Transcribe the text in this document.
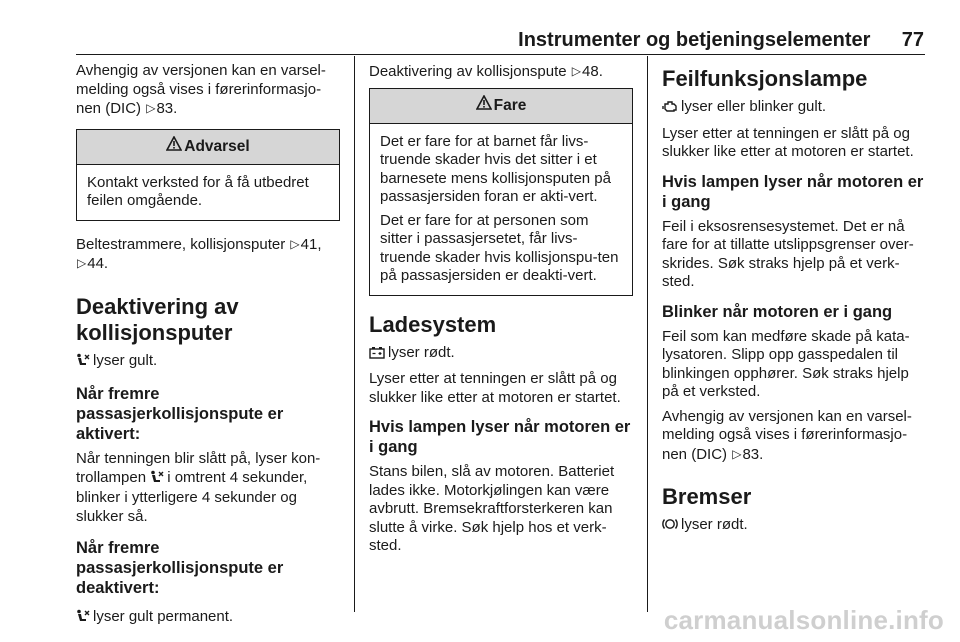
Instrumenter og betjeningselementer 77

Avhengig av versjonen kan en varsel-melding også vises i førerinformasjo-nen (DIC) ▷83.

Advarsel

Kontakt verksted for å få utbedret feilen omgående.

Beltestrammere, kollisjonsputer ▷41,
▷44.

Deaktivering av kollisjonsputer

lyser gult.

Når fremre passasjerkollisjonspute er aktivert:

Når tenningen blir slått på, lyser kon-trollampen i omtrent 4 sekunder, blinker i ytterligere 4 sekunder og slukker så.

Når fremre passasjerkollisjonspute er deaktivert:

lyser gult permanent.

Deaktivering av kollisjonspute ▷48.

Fare

Det er fare for at barnet får livs-truende skader hvis det sitter i et barnesete mens kollisjonsputen på passasjersiden foran er akti-vert.

Det er fare for at personen som sitter i passasjersetet, får livs-truende skader hvis kollisjonspu-ten på passasjersiden er deakti-vert.

Ladesystem

lyser rødt.

Lyser etter at tenningen er slått på og slukker like etter at motoren er startet.

Hvis lampen lyser når motoren er i gang

Stans bilen, slå av motoren. Batteriet lades ikke. Motorkjølingen kan være avbrutt. Bremsekraftforsterkeren kan slutte å virke. Søk hjelp hos et verk-sted.

Feilfunksjonslampe

lyser eller blinker gult.

Lyser etter at tenningen er slått på og slukker like etter at motoren er startet.

Hvis lampen lyser når motoren er i gang

Feil i eksosrensesystemet. Det er nå fare for at tillatte utslippsgrenser over-skrides. Søk straks hjelp på et verk-sted.

Blinker når motoren er i gang

Feil som kan medføre skade på kata-lysatoren. Slipp opp gasspedalen til blinkingen opphører. Søk straks hjelp på et verksted.

Avhengig av versjonen kan en varsel-melding også vises i førerinformasjo-nen (DIC) ▷83.

Bremser

lyser rødt.

carmanualsonline.info
